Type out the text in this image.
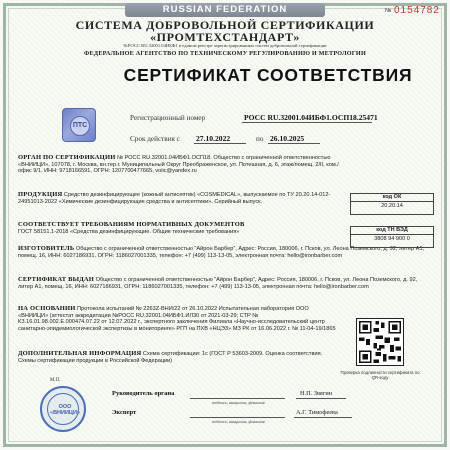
RUSSIAN FEDERATION	№ 0154782
СИСТЕМА ДОБРОВОЛЬНОЙ СЕРТИФИКАЦИИ
«ПРОМТЕХСТАНДАРТ»
№РОСС RU.32001.04ИБФ1 в едином реестре зарегистрированных систем добровольной сертификации
ФЕДЕРАЛЬНОЕ АГЕНТСТВО ПО ТЕХНИЧЕСКОМУ РЕГУЛИРОВАНИЮ И МЕТРОЛОГИИ
СЕРТИФИКАТ СООТВЕТСТВИЯ
ПТС
Регистрационный номер	РОСС RU.32001.04ИБФ1.ОСП18.25471
Срок действия с 27.10.2022	по 26.10.2025
ОРГАН ПО СЕРТИФИКАЦИИ № РОСС RU.32001.04ИБФ1.ОСП18. Общество с ограниченной ответственностью «ВНИИЦИ», 107078, г. Москва, вн.тер.г. Муниципальный Округ Преображенское, ул. Потешная, д. 6, этаж/помещ. 2/II, ком./офис 9/1. ИНН: 9718166591, ОГРН: 1207700477665, voiic@yandex.ru
ПРОДУКЦИЯ Средство дезинфицирующее (кожный антисептик) «COSMEDICAL», выпускаемое по ТУ 20.20.14-012-24951013-2022 «Химические дезинфицирующие средства и антисептики». Серийный выпуск.
СООТВЕТСТВУЕТ ТРЕБОВАНИЯМ НОРМАТИВНЫХ ДОКУМЕНТОВ
ГОСТ 58151.1-2018 «Средства дезинфицирующие. Общие технические требования»
ИЗГОТОВИТЕЛЬ Общество с ограниченной ответственностью “Айрон Барбер”, Адрес: Россия, 180006, г. Псков, ул. Леона Поземского, д. 92, литер А1, помещ. 16, ИНН: 6027186931, ОГРН: 1186027001335, телефон: +7 (499) 113-13-05, электронная почта: hello@ironbarber.com
СЕРТИФИКАТ ВЫДАН Общество с ограниченной ответственностью “Айрон Барбер”, Адрес: Россия, 180006, г. Псков, ул. Леона Поземского, д. 92, литер А1, помещ. 16, ИНН: 6027186931, ОГРН: 1186027001335, телефон: +7 (499) 113-13-05, электронная почта: hello@ironbarber.com
НА ОСНОВАНИИ Протокола испытаний № 2263Z-ВНИ/22 от 26.10.2022 Испытательная лаборатория ООО «ВНИИЦИ» (аттестат аккредитации №РОСС RU.32001.04ИБФ1.ИЛ30 от 2021-03-29; СТР № КЗ.16.01.98.002.Е.000474.07.22 от 12.07.2022 г., экспертного заключения Филиала «Научно-исследовательский центр санитарно-эпидемиологической экспертизы в мониторинге» РГП на ПХВ «НЦЭЗ» МЗ РК от 16.06.2022 г. № 11-04-19/1865
ДОПОЛНИТЕЛЬНАЯ ИНФОРМАЦИЯ Схема сертификации: 1с (ГОСТ Р 53603-2009. Оценка соответствия. Схемы сертификации продукции в Российской Федерации)
код ОК
20.20.14
код ТН ВЭД
3808 94 900 0
Проверка подлинности сертификата по QR-коду
М.П.
ООО «ВНИИЦИ»
Руководитель органа
подпись, инициалы, фамилия
Н.П. Звягин
Эксперт
подпись, инициалы, фамилия
А.Г. Тимофеева
